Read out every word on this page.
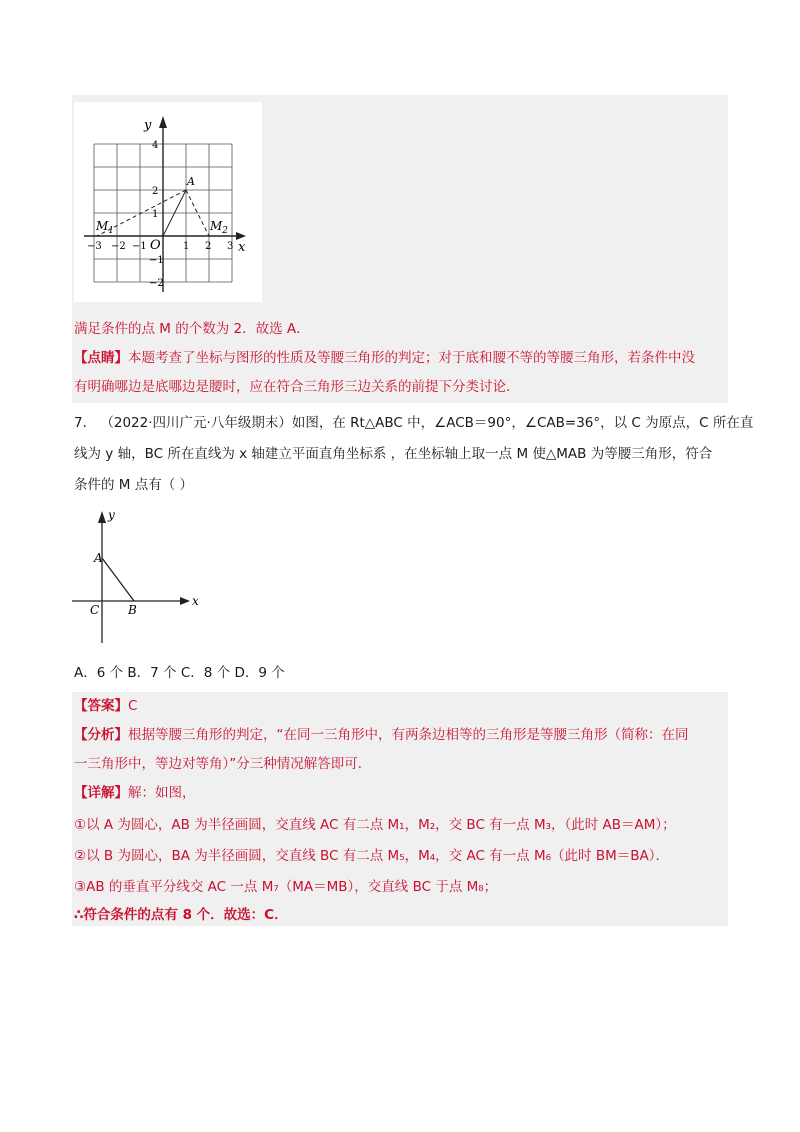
y
x
O
A
$M_1$	$M_2$
−3 −2 −1	1 2 3
4
2
1
−1
−2
满足条件的点 M 的个数为 2．故选 A．
【点睛】本题考查了坐标与图形的性质及等腰三角形的判定；对于底和腰不等的等腰三角形，若条件中没
有明确哪边是底哪边是腰时，应在符合三角形三边关系的前提下分类讨论．
7． （2022·四川广元·八年级期末）如图，在 Rt△ABC 中，∠ACB＝90°，∠CAB=36°，以 C 为原点，C 所在直
线为 y 轴，BC 所在直线为 x 轴建立平面直角坐标系 ，在坐标轴上取一点 M 使△MAB 为等腰三角形，符合
条件的 M 点有（ ）
y
x
A
B
C
A．6 个 B．7 个 C．8 个 D．9 个
【答案】C
【分析】根据等腰三角形的判定，“在同一三角形中，有两条边相等的三角形是等腰三角形（简称：在同
一三角形中，等边对等角）”分三种情况解答即可．
【详解】解：如图，
①以 A 为圆心，AB 为半径画圆，交直线 AC 有二点 M₁，M₂，交 BC 有一点 M₃，（此时 AB＝AM）；
②以 B 为圆心，BA 为半径画圆，交直线 BC 有二点 M₅，M₄，交 AC 有一点 M₆（此时 BM＝BA）．
③AB 的垂直平分线交 AC 一点 M₇（MA＝MB），交直线 BC 于点 M₈；
∴符合条件的点有 8 个．故选：C．
